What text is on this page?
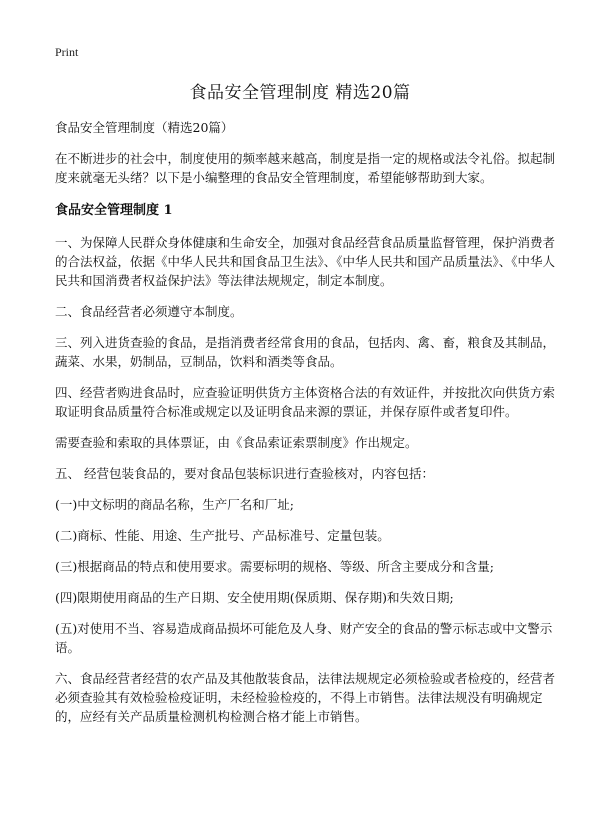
Print
食品安全管理制度 精选20篇

食品安全管理制度（精选20篇）

在不断进步的社会中，制度使用的频率越来越高，制度是指一定的规格或法令礼俗。拟起制度来就毫无头绪？以下是小编整理的食品安全管理制度，希望能够帮助到大家。

食品安全管理制度 1

一、为保障人民群众身体健康和生命安全，加强对食品经营食品质量监督管理，保护消费者的合法权益，依据《中华人民共和国食品卫生法》、《中华人民共和国产品质量法》、《中华人民共和国消费者权益保护法》等法律法规规定，制定本制度。

二、食品经营者必须遵守本制度。

三、列入进货查验的食品，是指消费者经常食用的食品，包括肉、禽、畜，粮食及其制品，蔬菜、水果，奶制品，豆制品，饮料和酒类等食品。

四、经营者购进食品时，应查验证明供货方主体资格合法的有效证件，并按批次向供货方索取证明食品质量符合标准或规定以及证明食品来源的票证，并保存原件或者复印件。

需要查验和索取的具体票证，由《食品索证索票制度》作出规定。

五、 经营包装食品的，要对食品包装标识进行查验核对，内容包括：

(一)中文标明的商品名称，生产厂名和厂址;

(二)商标、性能、用途、生产批号、产品标准号、定量包装。

(三)根据商品的特点和使用要求。需要标明的规格、等级、所含主要成分和含量;

(四)限期使用商品的生产日期、安全使用期(保质期、保存期)和失效日期;

(五)对使用不当、容易造成商品损坏可能危及人身、财产安全的食品的警示标志或中文警示语。

六、食品经营者经营的农产品及其他散装食品，法律法规规定必须检验或者检疫的，经营者必须查验其有效检验检疫证明，未经检验检疫的，不得上市销售。法律法规没有明确规定的，应经有关产品质量检测机构检测合格才能上市销售。
